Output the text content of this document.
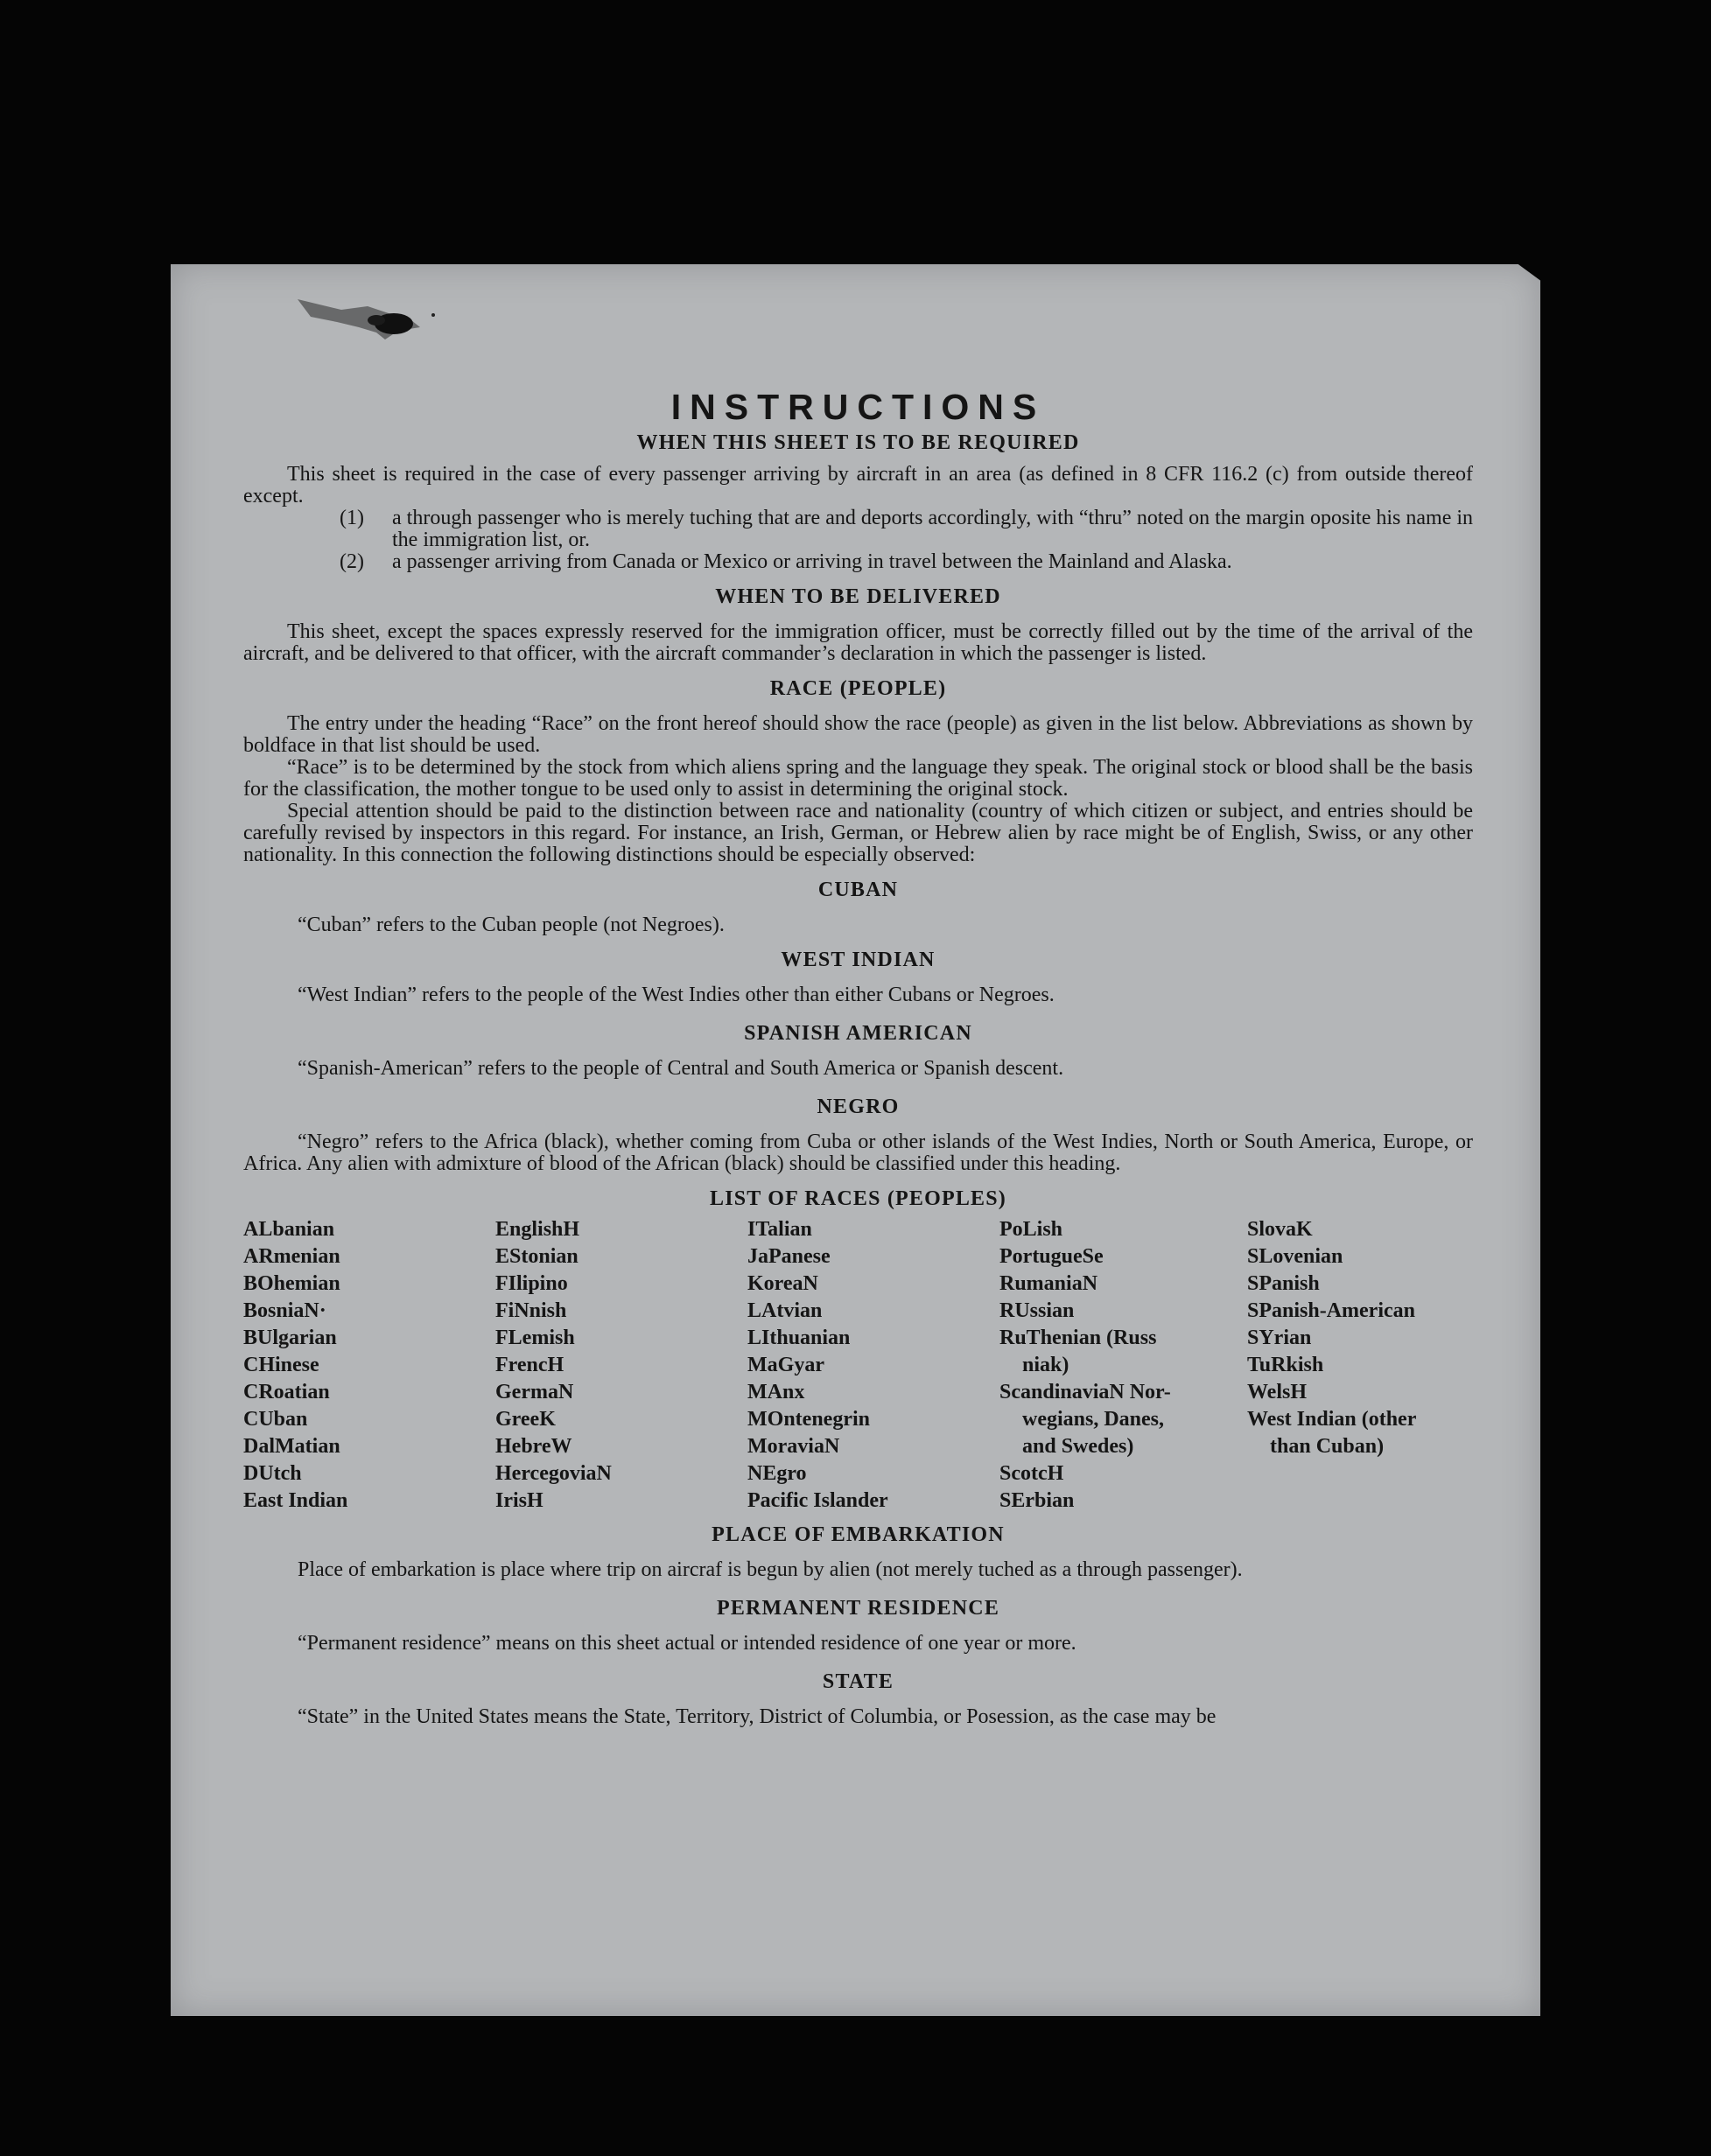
INSTRUCTIONS
WHEN THIS SHEET IS TO BE REQUIRED

This sheet is required in the case of every passenger arriving by aircraft in an area (as defined in 8 CFR 116.2 (c) from outside thereof except.

(1) a through passenger who is merely tuching that are and deports accordingly, with “thru” noted on the margin oposite his name in the immigration list, or.
(2) a passenger arriving from Canada or Mexico or arriving in travel between the Mainland and Alaska.
WHEN TO BE DELIVERED

This sheet, except the spaces expressly reserved for the immigration officer, must be correctly filled out by the time of the arrival of the aircraft, and be delivered to that officer, with the aircraft commander’s declaration in which the passenger is listed.

RACE (PEOPLE)

The entry under the heading “Race” on the front hereof should show the race (people) as given in the list below. Abbreviations as shown by boldface in that list should be used.

“Race” is to be determined by the stock from which aliens spring and the language they speak. The original stock or blood shall be the basis for the classification, the mother tongue to be used only to assist in determining the original stock.

Special attention should be paid to the distinction between race and nationality (country of which citizen or subject, and entries should be carefully revised by inspectors in this regard. For instance, an Irish, German, or Hebrew alien by race might be of English, Swiss, or any other nationality. In this connection the following distinctions should be especially observed:

CUBAN

“Cuban” refers to the Cuban people (not Negroes).

WEST INDIAN

“West Indian” refers to the people of the West Indies other than either Cubans or Negroes.

SPANISH AMERICAN

“Spanish-American” refers to the people of Central and South America or Spanish descent.

NEGRO

“Negro” refers to the Africa (black), whether coming from Cuba or other islands of the West Indies, North or South America, Europe, or Africa. Any alien with admixture of blood of the African (black) should be classified under this heading.

LIST OF RACES (PEOPLES)
ALbanian
ARmenian
BOhemian
BosniaN·
BUlgarian
CHinese
CRoatian
CUban
DalMatian
DUtch
East Indian
EnglishH
EStonian
FIlipino
FiNnish
FLemish
FrencH
GermaN
GreeK
HebreW
HercegoviaN
IrisH
ITalian
JaPanese
KoreaN
LAtvian
LIthuanian
MaGyar
MAnx
MOntenegrin
MoraviaN
NEgro
Pacific Islander
PoLish
PortugueSe
RumaniaN
RUssian
RuThenian (Russ
niak)
ScandinaviaN Nor-
wegians, Danes,
and Swedes)
ScotcH
SErbian
SlovaK
SLovenian
SPanish
SPanish-American
SYrian
TuRkish
WelsH
West Indian (other
than Cuban)
PLACE OF EMBARKATION

Place of embarkation is place where trip on aircraf is begun by alien (not merely tuched as a through passenger).

PERMANENT RESIDENCE

“Permanent residence” means on this sheet actual or intended residence of one year or more.

STATE

“State” in the United States means the State, Territory, District of Columbia, or Posession, as the case may be
